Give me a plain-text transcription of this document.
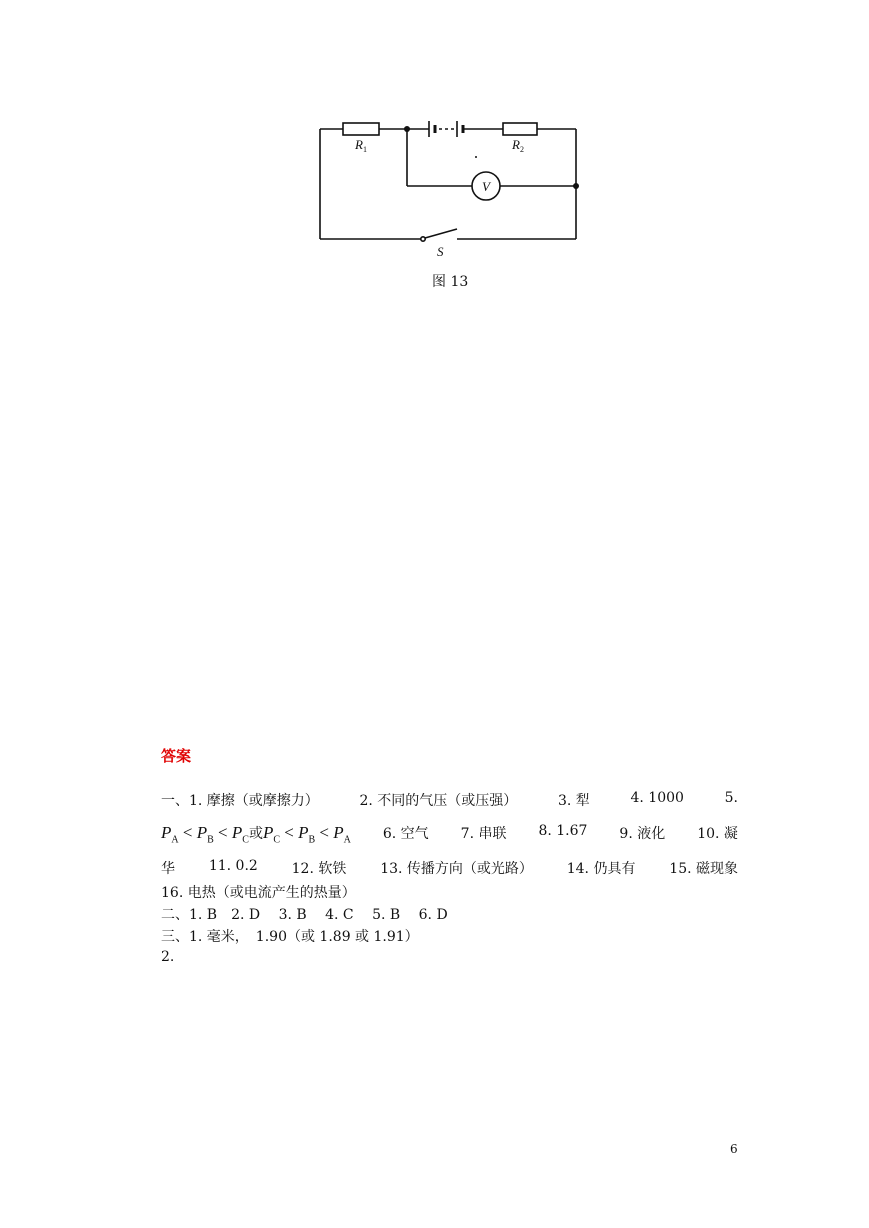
V
$R_1$	$R_2$
S
图 13
答案
一、1. 摩擦（或摩擦力）	2. 不同的气压（或压强）	3. 犁	4. 1000	5.
$P_A < P_B < P_C$或$P_C < P_B < P_A$ 6. 空气 7. 串联 8. 1.67 9. 液化 10. 凝
华 11. 0.2 12. 软铁 13. 传播方向（或光路） 14. 仍具有 15. 磁现象
16. 电热（或电流产生的热量）
二、1. B　2. D　 3. B　 4. C　 5. B　 6. D
三、1. 毫米，　1.90（或 1.89 或 1.91）
2.
6
